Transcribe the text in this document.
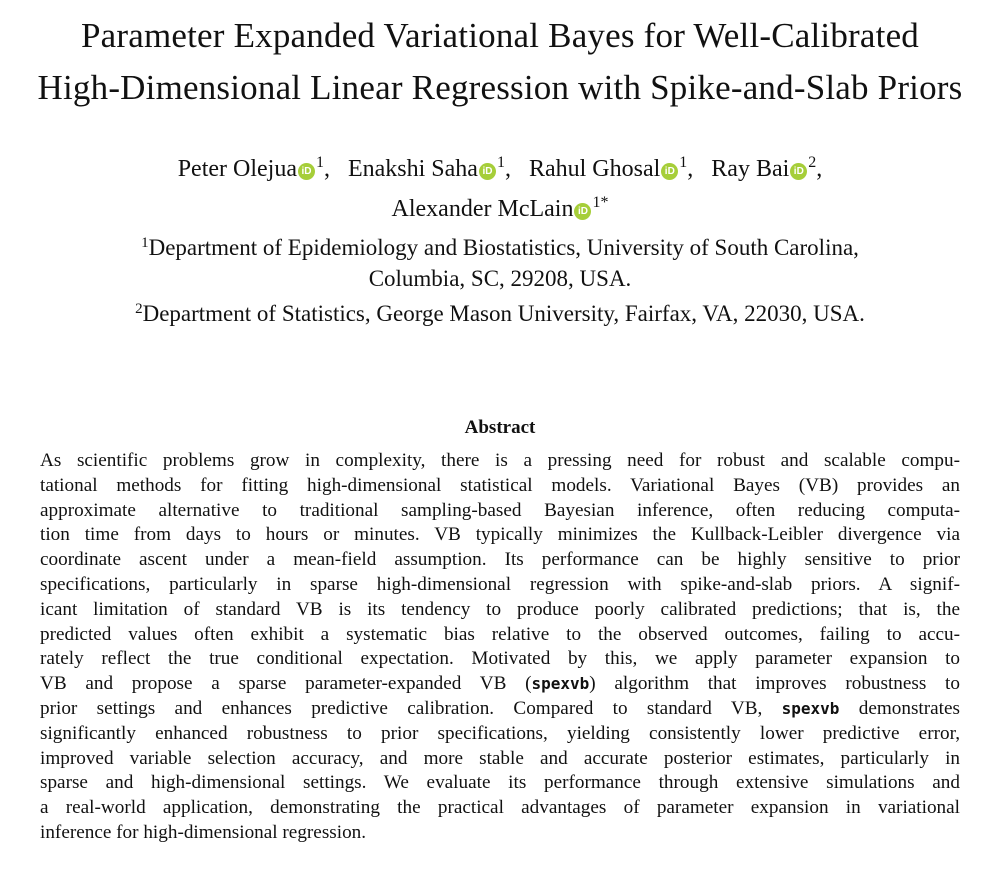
Parameter Expanded Variational Bayes for Well-Calibrated
High-Dimensional Linear Regression with Spike-and-Slab Priors
Peter Olejua $iD^1$,   Enakshi Saha $iD^1$,   Rahul Ghosal $iD^1$,   Ray Bai $iD^2$,
Alexander McLain $iD^{1*}$
$^1$Department of Epidemiology and Biostatistics, University of South Carolina,
Columbia, SC, 29208, USA.
$^2$Department of Statistics, George Mason University, Fairfax, VA, 22030, USA.
Abstract
As scientific problems grow in complexity, there is a pressing need for robust and scalable compu-
tational methods for fitting high-dimensional statistical models. Variational Bayes (VB) provides an
approximate alternative to traditional sampling-based Bayesian inference, often reducing computa-
tion time from days to hours or minutes. VB typically minimizes the Kullback-Leibler divergence via
coordinate ascent under a mean-field assumption. Its performance can be highly sensitive to prior
specifications, particularly in sparse high-dimensional regression with spike-and-slab priors. A signif-
icant limitation of standard VB is its tendency to produce poorly calibrated predictions; that is, the
predicted values often exhibit a systematic bias relative to the observed outcomes, failing to accu-
rately reflect the true conditional expectation. Motivated by this, we apply parameter expansion to
VB and propose a sparse parameter-expanded VB (spexvb) algorithm that improves robustness to
prior settings and enhances predictive calibration. Compared to standard VB, spexvb demonstrates
significantly enhanced robustness to prior specifications, yielding consistently lower predictive error,
improved variable selection accuracy, and more stable and accurate posterior estimates, particularly in
sparse and high-dimensional settings. We evaluate its performance through extensive simulations and
a real-world application, demonstrating the practical advantages of parameter expansion in variational
inference for high-dimensional regression.
